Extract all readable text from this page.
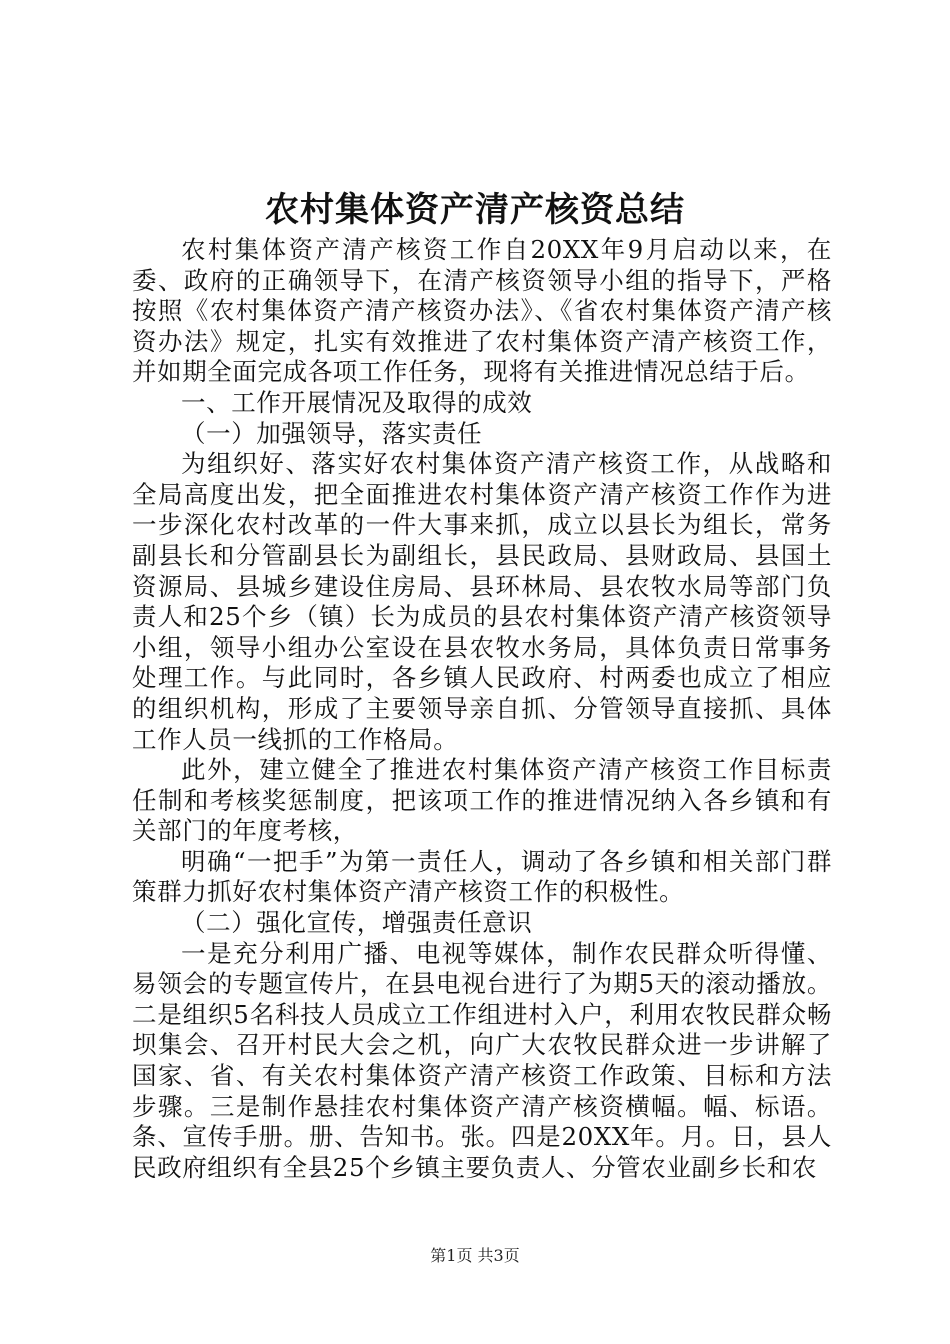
农村集体资产清产核资总结

农村集体资产清产核资工作自20XX年9月启动以来，在委、政府的正确领导下，在清产核资领导小组的指导下，严格按照《农村集体资产清产核资办法》、《省农村集体资产清产核资办法》规定，扎实有效推进了农村集体资产清产核资工作，并如期全面完成各项工作任务，现将有关推进情况总结于后。

一、工作开展情况及取得的成效

（一）加强领导，落实责任

为组织好、落实好农村集体资产清产核资工作，从战略和全局高度出发，把全面推进农村集体资产清产核资工作作为进一步深化农村改革的一件大事来抓，成立以县长为组长，常务副县长和分管副县长为副组长，县民政局、县财政局、县国土资源局、县城乡建设住房局、县环林局、县农牧水局等部门负责人和25个乡（镇）长为成员的县农村集体资产清产核资领导小组，领导小组办公室设在县农牧水务局，具体负责日常事务处理工作。与此同时，各乡镇人民政府、村两委也成立了相应的组织机构，形成了主要领导亲自抓、分管领导直接抓、具体工作人员一线抓的工作格局。

此外，建立健全了推进农村集体资产清产核资工作目标责任制和考核奖惩制度，把该项工作的推进情况纳入各乡镇和有关部门的年度考核，

明确“一把手”为第一责任人，调动了各乡镇和相关部门群策群力抓好农村集体资产清产核资工作的积极性。

（二）强化宣传，增强责任意识

一是充分利用广播、电视等媒体，制作农民群众听得懂、易领会的专题宣传片，在县电视台进行了为期5天的滚动播放。二是组织5名科技人员成立工作组进村入户，利用农牧民群众畅坝集会、召开村民大会之机，向广大农牧民群众进一步讲解了国家、省、有关农村集体资产清产核资工作政策、目标和方法步骤。三是制作悬挂农村集体资产清产核资横幅。幅、标语。条、宣传手册。册、告知书。张。四是20XX年。月。日，县人民政府组织有全县25个乡镇主要负责人、分管农业副乡长和农

第1页 共3页
